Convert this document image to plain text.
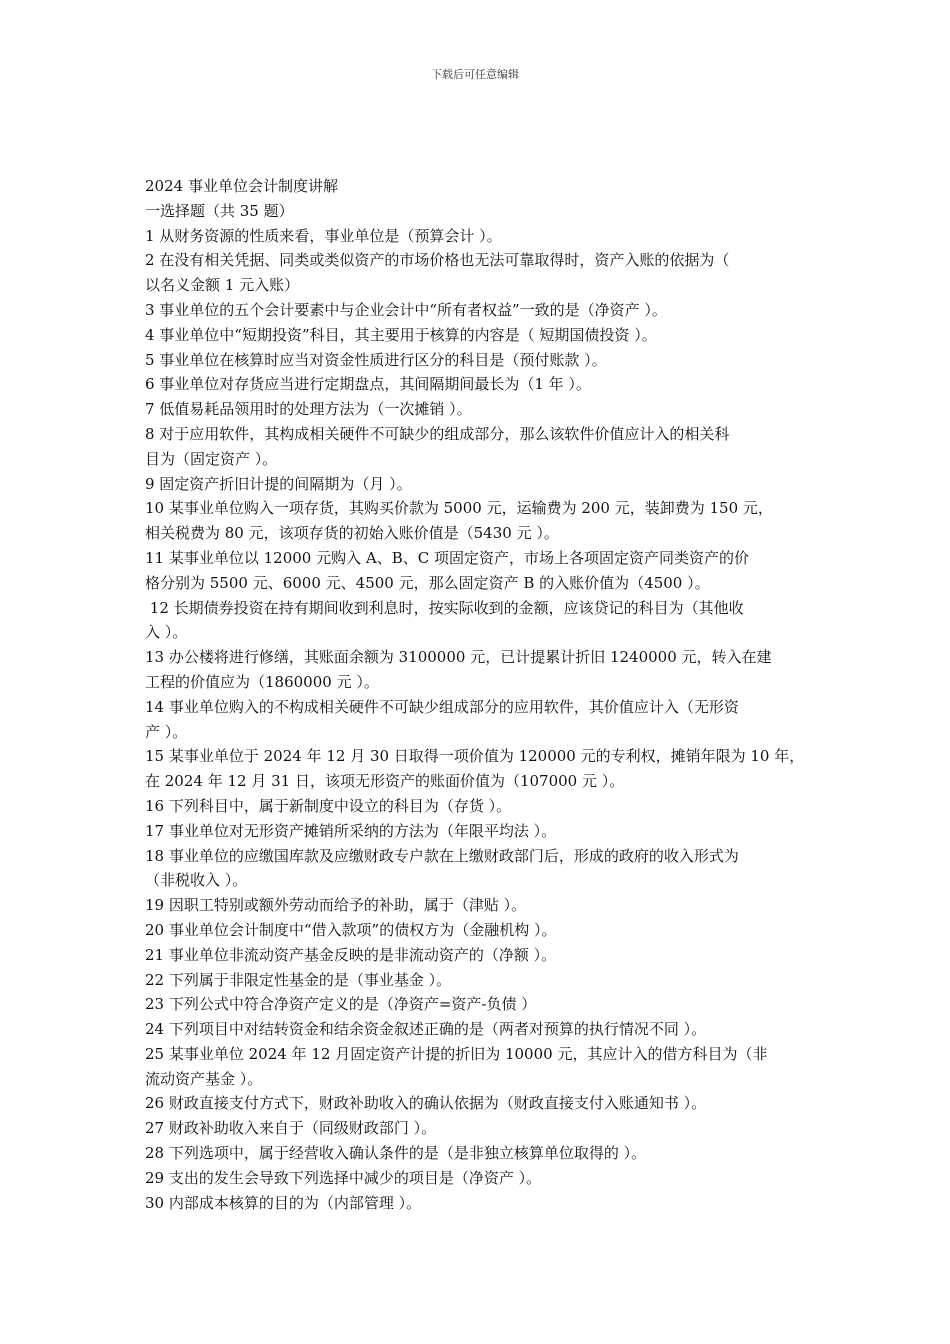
下载后可任意编辑

2024 事业单位会计制度讲解

一选择题（共 35 题）

1 从财务资源的性质来看，事业单位是（预算会计 ）。

2 在没有相关凭据、同类或类似资产的市场价格也无法可靠取得时，资产入账的依据为（

以名义金额 1 元入账）

3 事业单位的五个会计要素中与企业会计中“所有者权益”一致的是（净资产 ）。

4 事业单位中“短期投资”科目，其主要用于核算的内容是（ 短期国债投资 ）。

5 事业单位在核算时应当对资金性质进行区分的科目是（预付账款 ）。

6 事业单位对存货应当进行定期盘点，其间隔期间最长为（1 年 ）。

7 低值易耗品领用时的处理方法为（一次摊销 ）。

8 对于应用软件，其构成相关硬件不可缺少的组成部分，那么该软件价值应计入的相关科

目为（固定资产 ）。

9 固定资产折旧计提的间隔期为（月 ）。

10 某事业单位购入一项存货，其购买价款为 5000 元，运输费为 200 元，装卸费为 150 元，

相关税费为 80 元，该项存货的初始入账价值是（5430 元 ）。

11 某事业单位以 12000 元购入 A、B、C 项固定资产，市场上各项固定资产同类资产的价

格分别为 5500 元、6000 元、4500 元，那么固定资产 B 的入账价值为（4500 ）。

12 长期债券投资在持有期间收到利息时，按实际收到的金额，应该贷记的科目为（其他收

入 ）。

13 办公楼将进行修缮，其账面余额为 3100000 元，已计提累计折旧 1240000 元，转入在建

工程的价值应为（1860000 元 ）。

14 事业单位购入的不构成相关硬件不可缺少组成部分的应用软件，其价值应计入（无形资

产 ）。

15 某事业单位于 2024 年 12 月 30 日取得一项价值为 120000 元的专利权，摊销年限为 10 年，

在 2024 年 12 月 31 日，该项无形资产的账面价值为（107000 元 ）。

16 下列科目中，属于新制度中设立的科目为（存货 ）。

17 事业单位对无形资产摊销所采纳的方法为（年限平均法 ）。

18 事业单位的应缴国库款及应缴财政专户款在上缴财政部门后，形成的政府的收入形式为

（非税收入 ）。

19 因职工特别或额外劳动而给予的补助，属于（津贴 ）。

20 事业单位会计制度中“借入款项”的债权方为（金融机构 ）。

21 事业单位非流动资产基金反映的是非流动资产的（净额 ）。

22 下列属于非限定性基金的是（事业基金 ）。

23 下列公式中符合净资产定义的是（净资产=资产-负债 ）

24 下列项目中对结转资金和结余资金叙述正确的是（两者对预算的执行情况不同 ）。

25 某事业单位 2024 年 12 月固定资产计提的折旧为 10000 元，其应计入的借方科目为（非

流动资产基金 ）。

26 财政直接支付方式下，财政补助收入的确认依据为（财政直接支付入账通知书 ）。

27 财政补助收入来自于（同级财政部门 ）。

28 下列选项中，属于经营收入确认条件的是（是非独立核算单位取得的 ）。

29 支出的发生会导致下列选择中减少的项目是（净资产 ）。

30 内部成本核算的目的为（内部管理 ）。
